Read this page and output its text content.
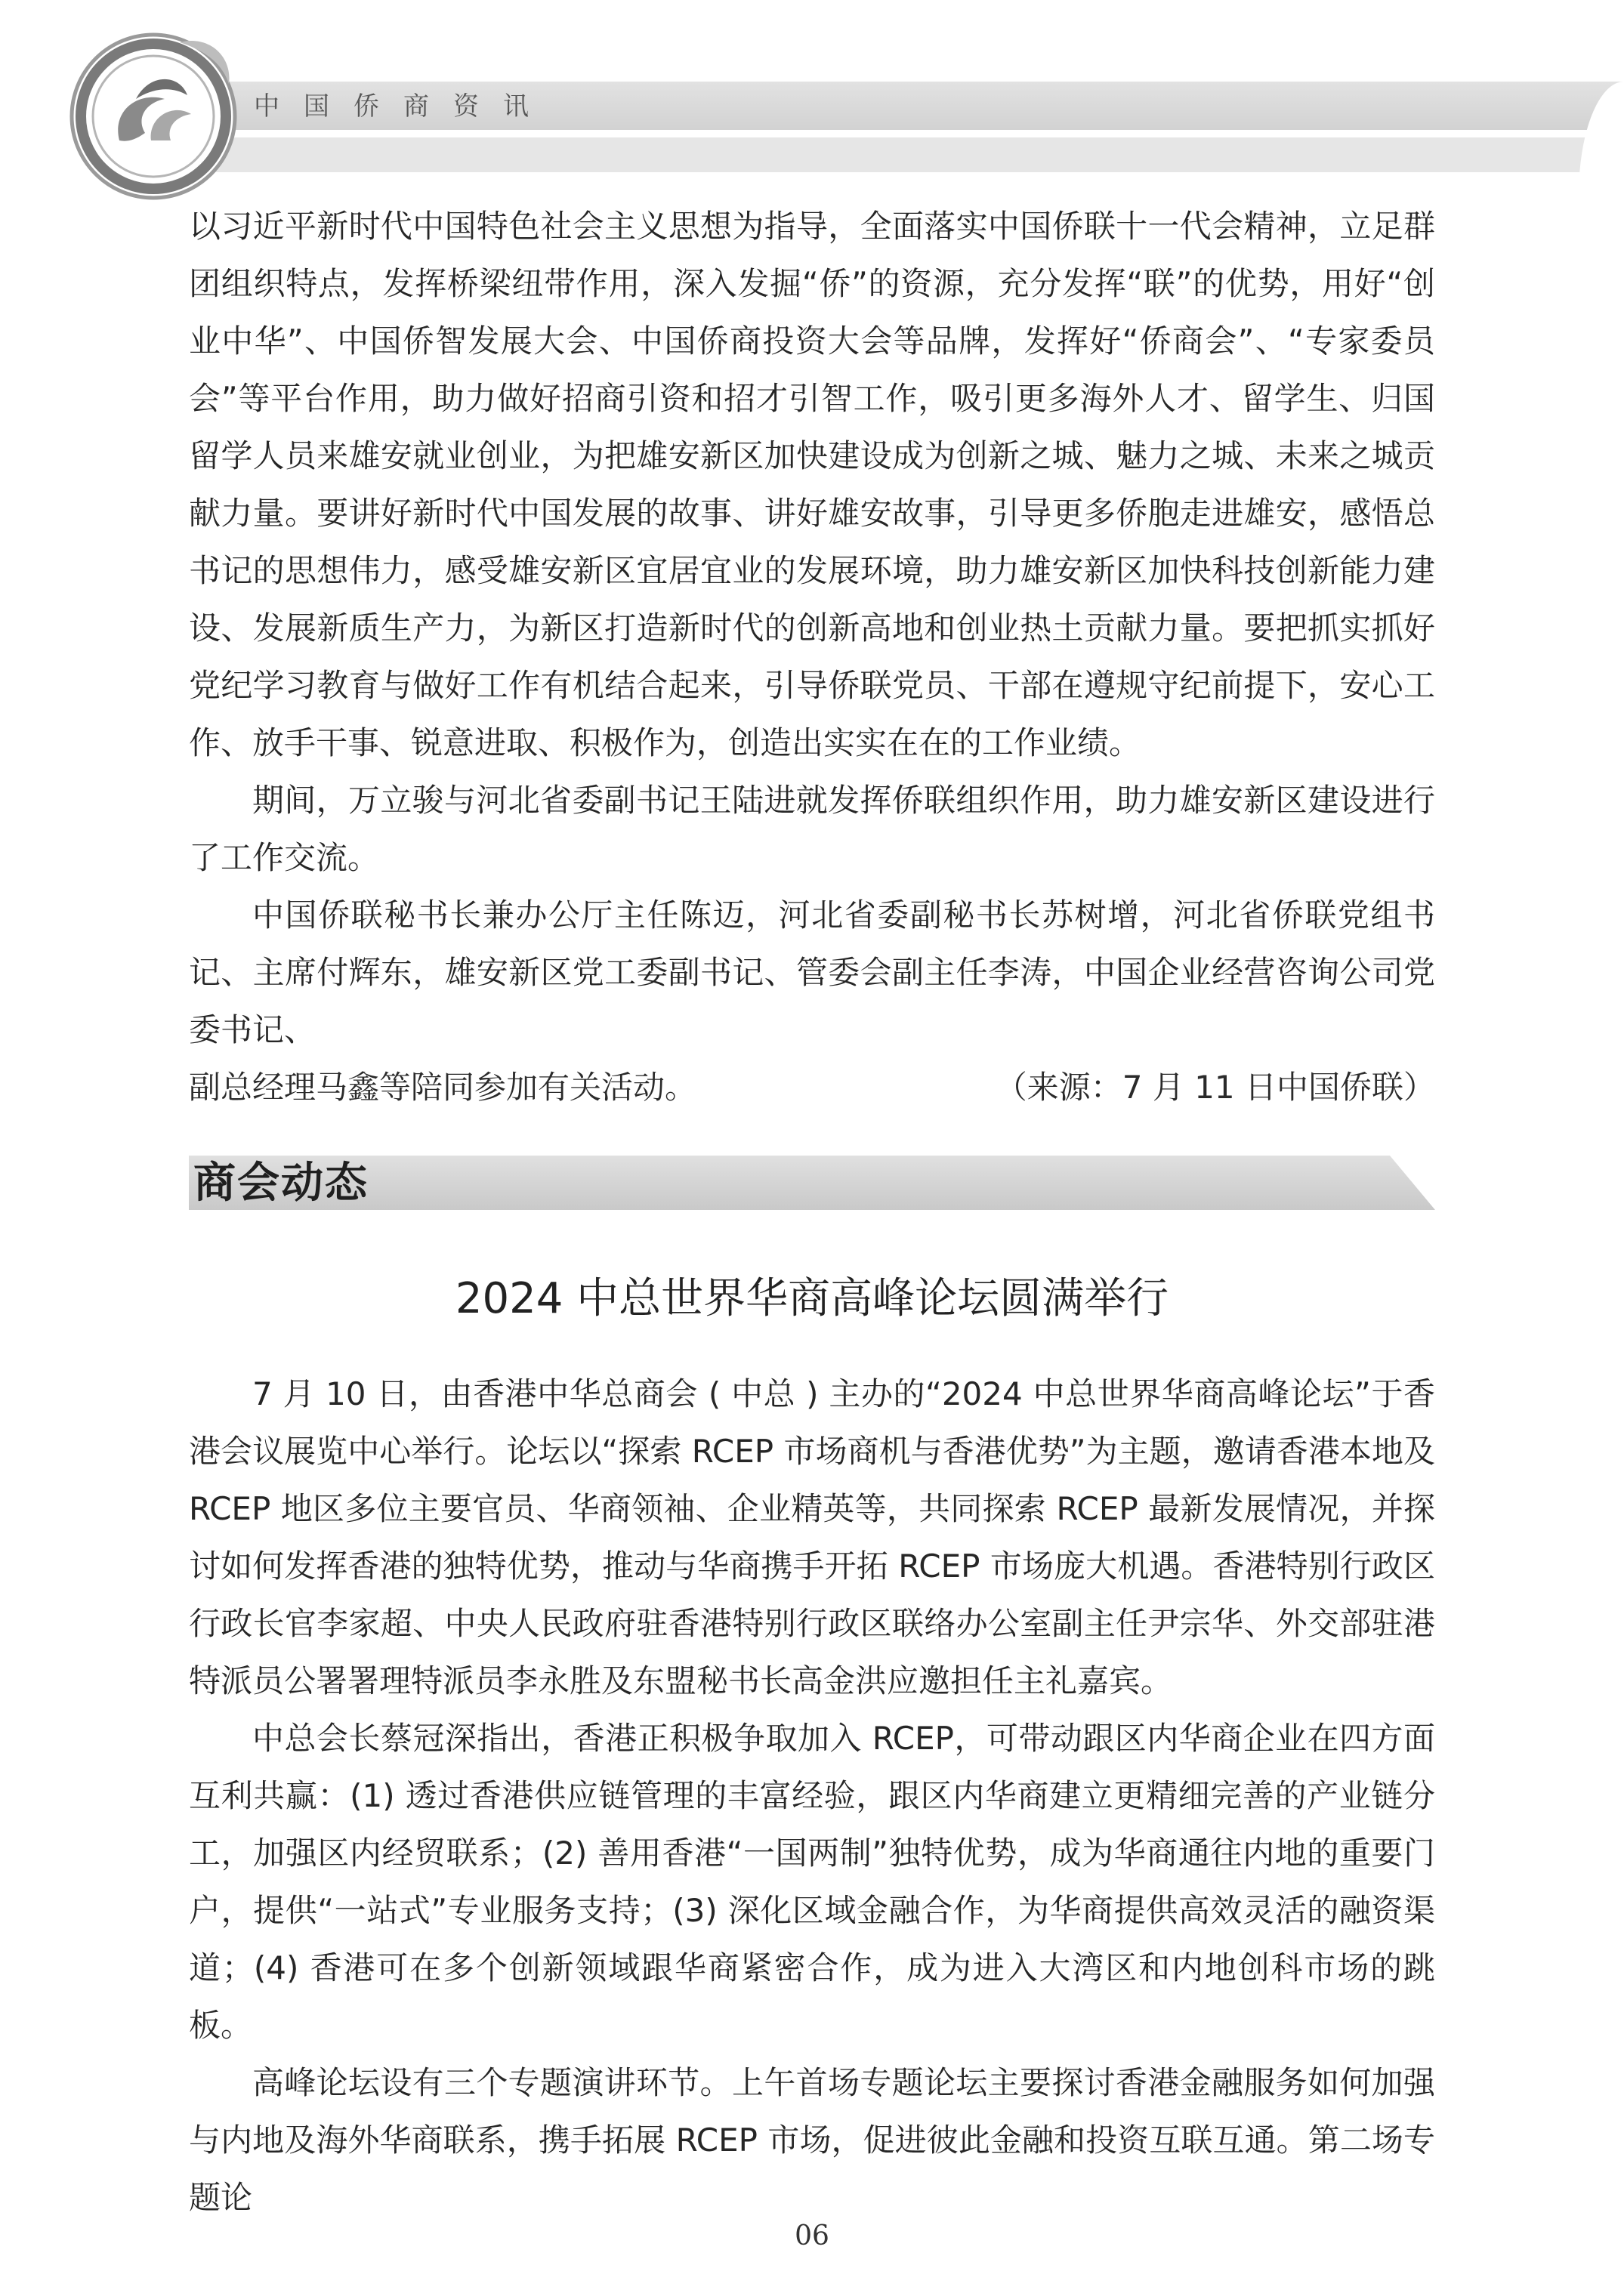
中国侨商资讯

以习近平新时代中国特色社会主义思想为指导，全面落实中国侨联十一代会精神，立足群团组织特点，发挥桥梁纽带作用，深入发掘“侨”的资源，充分发挥“联”的优势，用好“创业中华”、中国侨智发展大会、中国侨商投资大会等品牌，发挥好“侨商会”、“专家委员会”等平台作用，助力做好招商引资和招才引智工作，吸引更多海外人才、留学生、归国留学人员来雄安就业创业，为把雄安新区加快建设成为创新之城、魅力之城、未来之城贡献力量。要讲好新时代中国发展的故事、讲好雄安故事，引导更多侨胞走进雄安，感悟总书记的思想伟力，感受雄安新区宜居宜业的发展环境，助力雄安新区加快科技创新能力建设、发展新质生产力，为新区打造新时代的创新高地和创业热土贡献力量。要把抓实抓好党纪学习教育与做好工作有机结合起来，引导侨联党员、干部在遵规守纪前提下，安心工作、放手干事、锐意进取、积极作为，创造出实实在在的工作业绩。

期间，万立骏与河北省委副书记王陆进就发挥侨联组织作用，助力雄安新区建设进行了工作交流。

中国侨联秘书长兼办公厅主任陈迈，河北省委副秘书长苏树增，河北省侨联党组书记、主席付辉东，雄安新区党工委副书记、管委会副主任李涛，中国企业经营咨询公司党委书记、

副总经理马鑫等陪同参加有关活动。	（来源：7 月 11 日中国侨联）
商会动态
2024 中总世界华商高峰论坛圆满举行

7 月 10 日，由香港中华总商会 ( 中总 ) 主办的“2024 中总世界华商高峰论坛”于香港会议展览中心举行。论坛以“探索 RCEP 市场商机与香港优势”为主题，邀请香港本地及 RCEP 地区多位主要官员、华商领袖、企业精英等，共同探索 RCEP 最新发展情况，并探讨如何发挥香港的独特优势，推动与华商携手开拓 RCEP 市场庞大机遇。香港特别行政区行政长官李家超、中央人民政府驻香港特别行政区联络办公室副主任尹宗华、外交部驻港特派员公署署理特派员李永胜及东盟秘书长高金洪应邀担任主礼嘉宾。

中总会长蔡冠深指出，香港正积极争取加入 RCEP，可带动跟区内华商企业在四方面互利共赢：(1) 透过香港供应链管理的丰富经验，跟区内华商建立更精细完善的产业链分工，加强区内经贸联系；(2) 善用香港“一国两制”独特优势，成为华商通往内地的重要门户，提供“一站式”专业服务支持；(3) 深化区域金融合作，为华商提供高效灵活的融资渠道；(4) 香港可在多个创新领域跟华商紧密合作，成为进入大湾区和内地创科市场的跳板。

高峰论坛设有三个专题演讲环节。上午首场专题论坛主要探讨香港金融服务如何加强与内地及海外华商联系，携手拓展 RCEP 市场，促进彼此金融和投资互联互通。第二场专题论

06
